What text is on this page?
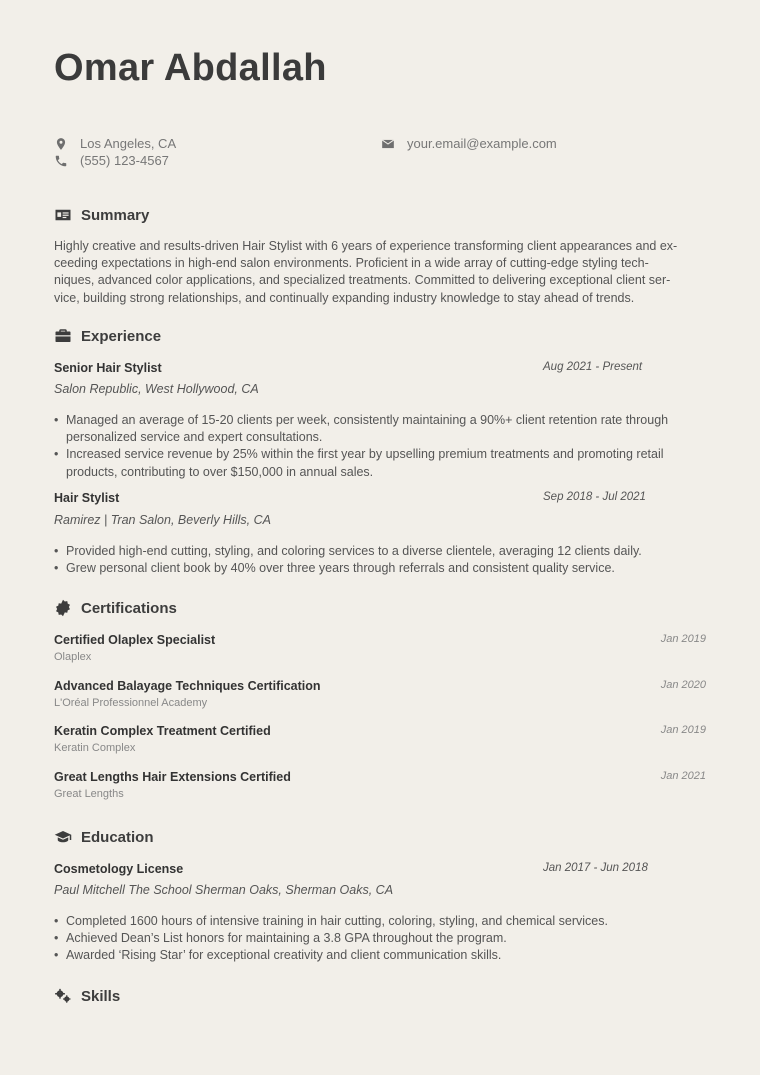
Omar Abdallah
Los Angeles, CA
(555) 123-4567
your.email@example.com
Summary
Highly creative and results-driven Hair Stylist with 6 years of experience transforming client appearances and ex-
ceeding expectations in high-end salon environments. Proficient in a wide array of cutting-edge styling tech-
niques, advanced color applications, and specialized treatments. Committed to delivering exceptional client ser-
vice, building strong relationships, and continually expanding industry knowledge to stay ahead of trends.
Experience
Senior Hair Stylist	Aug 2021 - Present
Salon Republic, West Hollywood, CA
• Managed an average of 15-20 clients per week, consistently maintaining a 90%+ client retention rate through personalized service and expert consultations.
• Increased service revenue by 25% within the first year by upselling premium treatments and promoting retail products, contributing to over $150,000 in annual sales.
Hair Stylist	Sep 2018 - Jul 2021
Ramirez | Tran Salon, Beverly Hills, CA
• Provided high-end cutting, styling, and coloring services to a diverse clientele, averaging 12 clients daily.
• Grew personal client book by 40% over three years through referrals and consistent quality service.
Certifications
Certified Olaplex Specialist	Jan 2019
Olaplex
Advanced Balayage Techniques Certification	Jan 2020
L'Oréal Professionnel Academy
Keratin Complex Treatment Certified	Jan 2019
Keratin Complex
Great Lengths Hair Extensions Certified	Jan 2021
Great Lengths
Education
Cosmetology License	Jan 2017 - Jun 2018
Paul Mitchell The School Sherman Oaks, Sherman Oaks, CA
• Completed 1600 hours of intensive training in hair cutting, coloring, styling, and chemical services.
• Achieved Dean’s List honors for maintaining a 3.8 GPA throughout the program.
• Awarded ‘Rising Star’ for exceptional creativity and client communication skills.
Skills
